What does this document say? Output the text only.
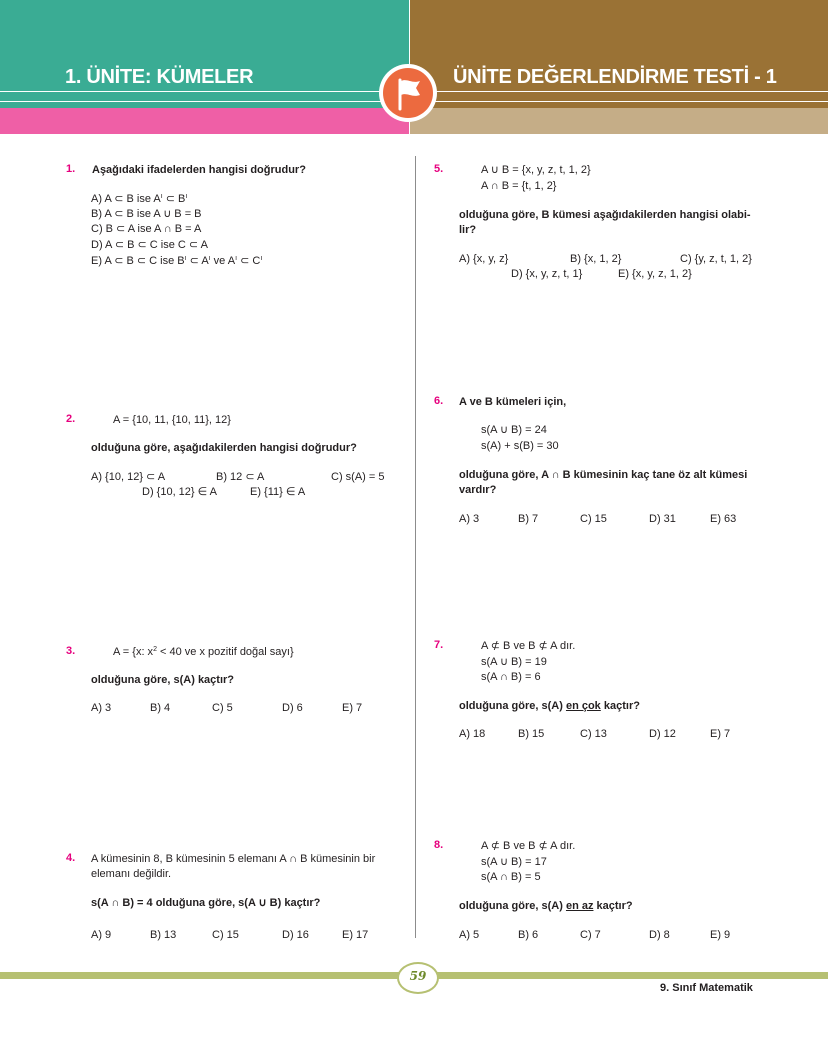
1. ÜNİTE: KÜMELER	ÜNİTE DEĞERLENDİRME TESTİ - 1
1. Aşağıdaki ifadelerden hangisi doğrudur?
A) A ⊂ B ise $A^ı$ ⊂ $B^ı$
B) A ⊂ B ise A ∪ B = B
C) B ⊂ A ise A ∩ B = A
D) A ⊂ B ⊂ C ise C ⊂ A
E) A ⊂ B ⊂ C ise $B^ı$ ⊂ $A^ı$ ve $A^ı$ ⊂ $C^ı$
2.	A = {10, 11, {10, 11}, 12}
olduğuna göre, aşağıdakilerden hangisi doğrudur?
A) {10, 12} ⊂ A	B) 12 ⊂ A	C) s(A) = 5
D) {10, 12} ∈ A	E) {11} ∈ A
3.	A = {x: $x^2 < 40$ ve x pozitif doğal sayı}
olduğuna göre, s(A) kaçtır?
A) 3	B) 4	C) 5	D) 6	E) 7
4. A kümesinin 8, B kümesinin 5 elemanı A ∩ B kümesinin bir
elemanı değildir.
s(A ∩ B) = 4 olduğuna göre, s(A ∪ B) kaçtır?
A) 9	B) 13	C) 15	D) 16	E) 17
5.	A ∪ B = {x, y, z, t, 1, 2}
A ∩ B = {t, 1, 2}
olduğuna göre, B kümesi aşağıdakilerden hangisi olabi-
lir?
A) {x, y, z}	B) {x, 1, 2}	C) {y, z, t, 1, 2}
D) {x, y, z, t, 1}	E) {x, y, z, 1, 2}
6. A ve B kümeleri için,
s(A ∪ B) = 24
s(A) + s(B) = 30
olduğuna göre, A ∩ B kümesinin kaç tane öz alt kümesi
vardır?
A) 3	B) 7	C) 15	D) 31	E) 63
7.	A ⊄ B ve B ⊄ A dır.
s(A ∪ B) = 19
s(A ∩ B) = 6
olduğuna göre, s(A) en çok kaçtır?
A) 18	B) 15	C) 13	D) 12	E) 7
8.	A ⊄ B ve B ⊄ A dır.
s(A ∪ B) = 17
s(A ∩ B) = 5
olduğuna göre, s(A) en az kaçtır?
A) 5	B) 6	C) 7	D) 8	E) 9
59
9. Sınıf Matematik
